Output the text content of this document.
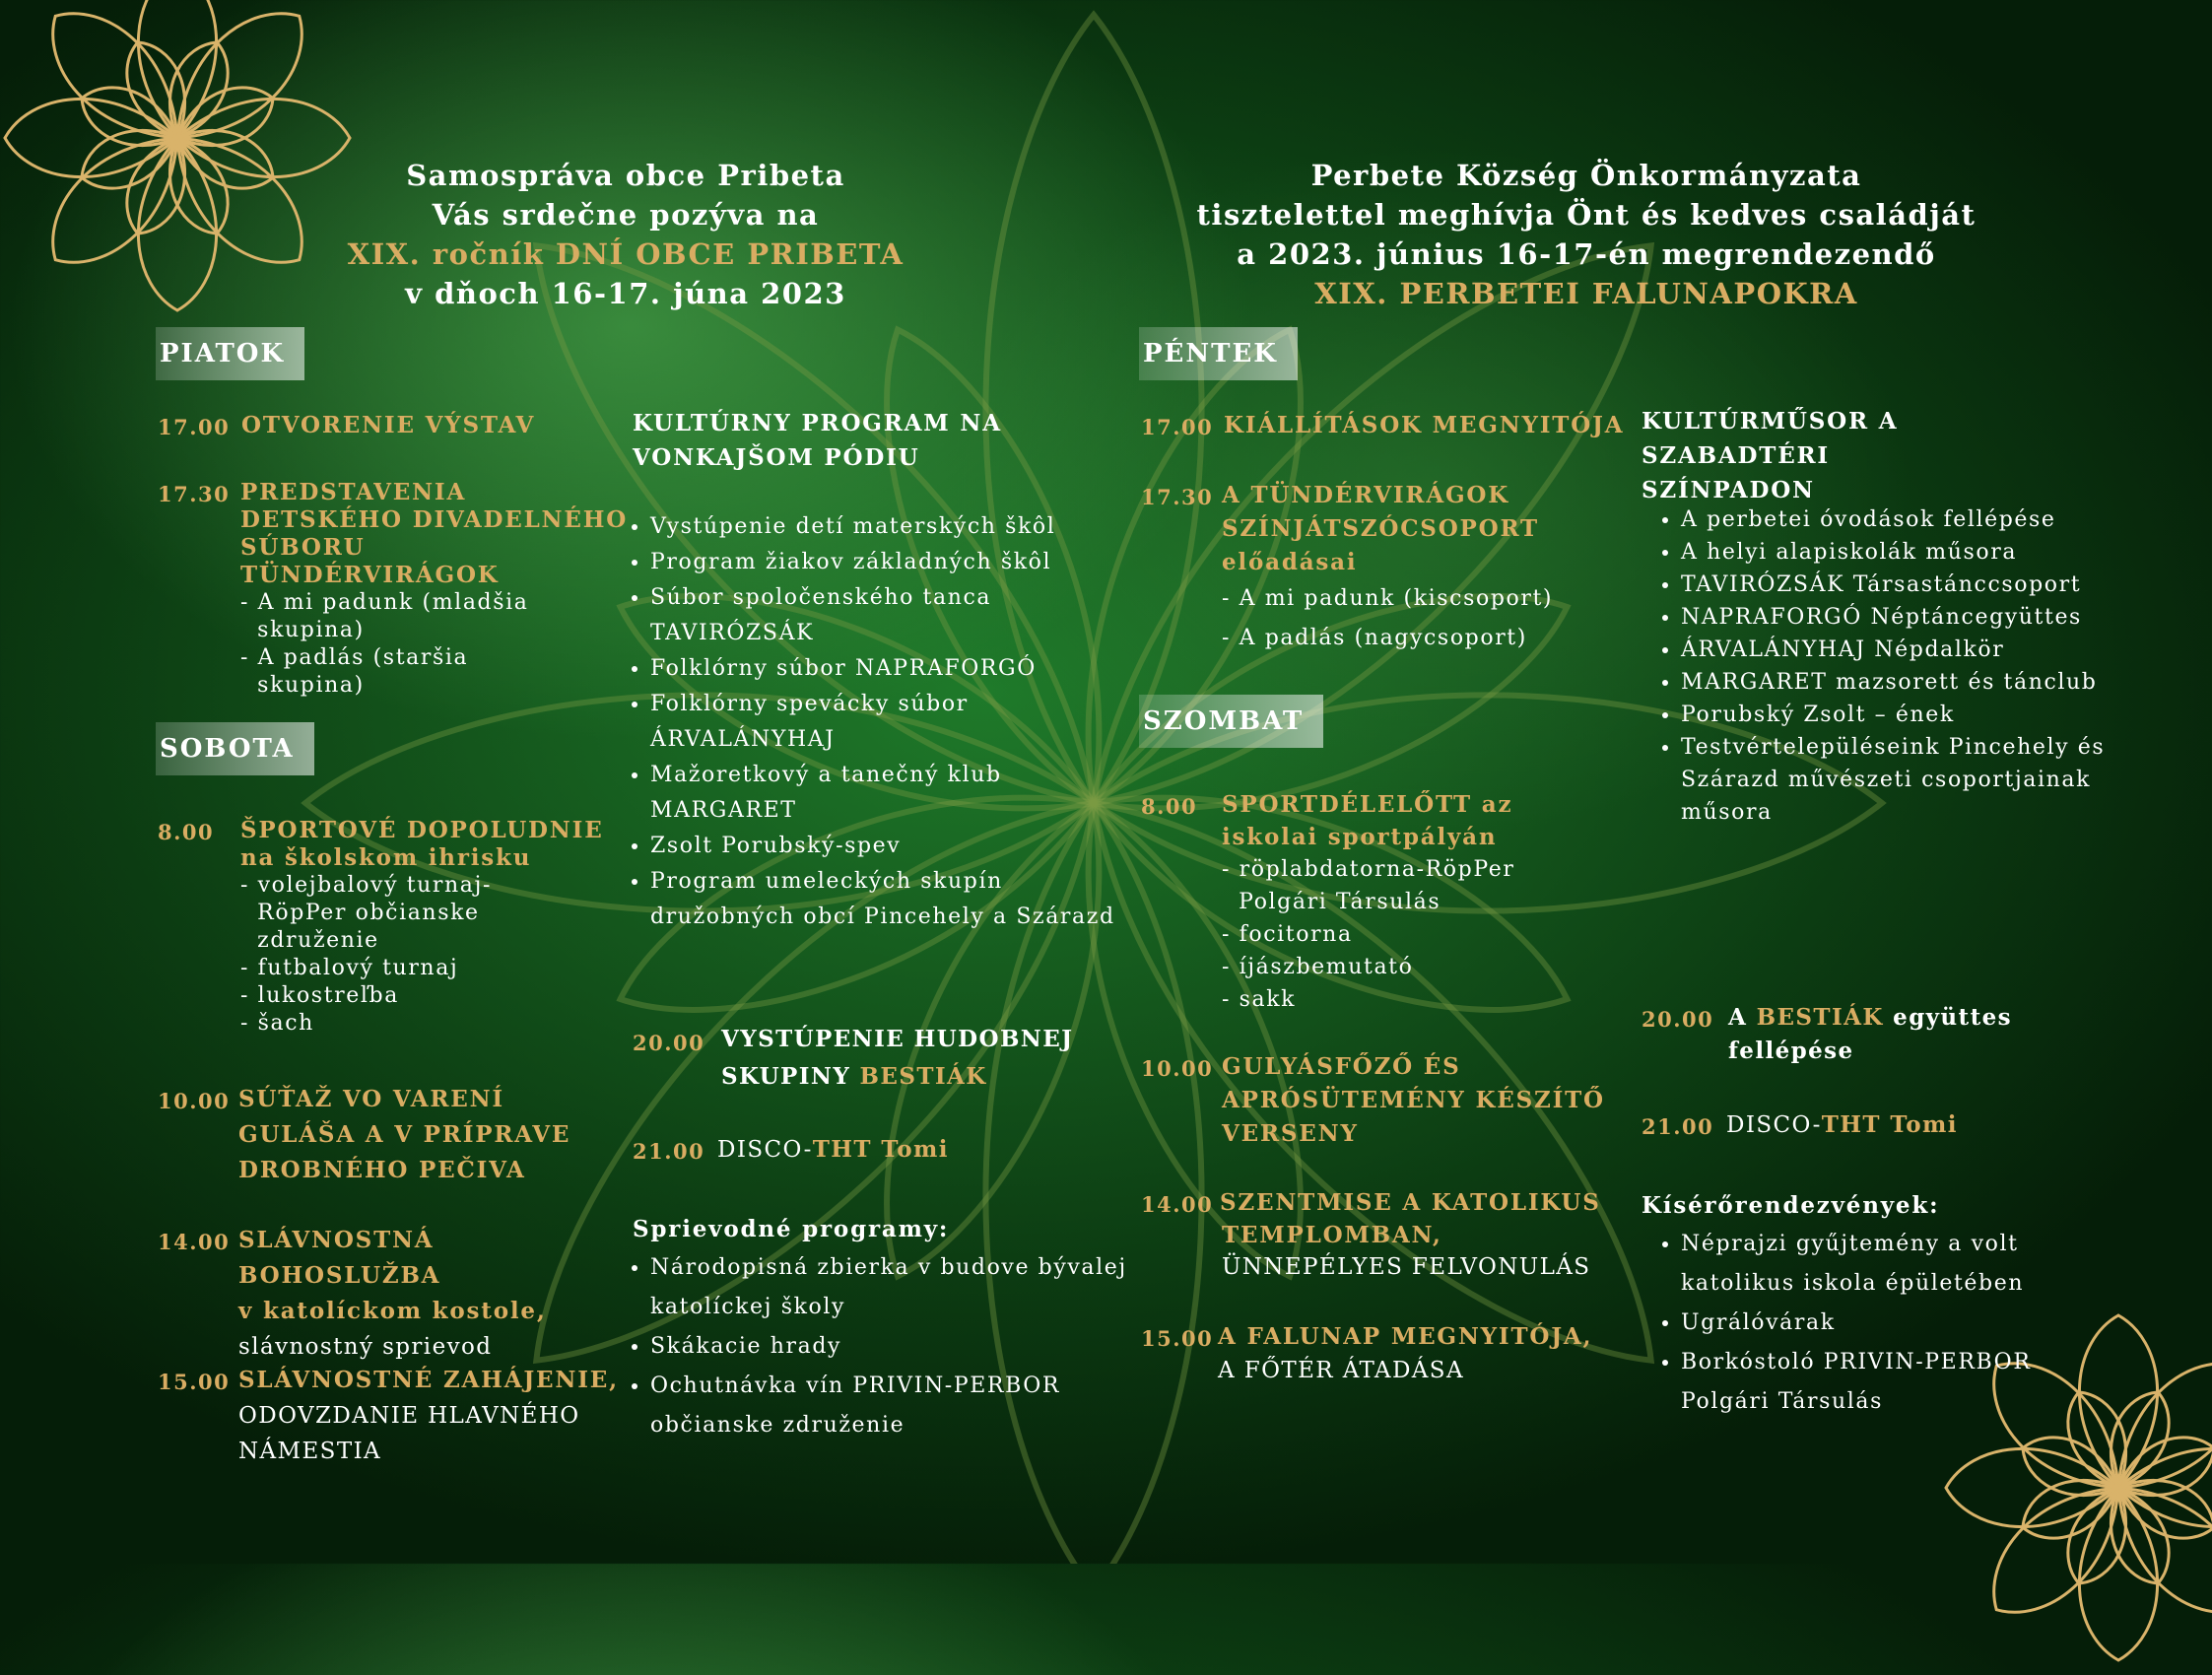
Samospráva obce Pribeta
Vás srdečne pozýva na
XIX. ročník DNÍ OBCE PRIBETA
v dňoch 16-17. júna 2023
PIATOK
17.00 OTVORENIE VÝSTAV
17.30 PREDSTAVENIA
DETSKÉHO DIVADELNÉHO
SÚBORU TÜNDÉRVIRÁGOK
- A mi padunk (mladšia
skupina)
- A padlás (staršia
skupina)
SOBOTA
8.00 ŠPORTOVÉ DOPOLUDNIE
na školskom ihrisku
- volejbalový turnaj-
RöpPer občianske
združenie
- futbalový turnaj
- lukostreľba
- šach
10.00 SÚŤAŽ VO VARENÍ
GULÁŠA A V PRÍPRAVE
DROBNÉHO PEČIVA
14.00 SLÁVNOSTNÁ BOHOSLUŽBA
v katolíckom kostole,
slávnostný sprievod
15.00 SLÁVNOSTNÉ ZAHÁJENIE,
ODOVZDANIE HLAVNÉHO
NÁMESTIA
KULTÚRNY PROGRAM NA
VONKAJŠOM PÓDIU
• Vystúpenie detí materských škôl
• Program žiakov základných škôl
• Súbor spoločenského tanca TAVIRÓZSÁK
• Folklórny súbor NAPRAFORGÓ
• Folklórny spevácky súbor ÁRVALÁNYHAJ
• Mažoretkový a tanečný klub MARGARET
• Zsolt Porubský-spev
• Program umeleckých skupín družobných obcí Pincehely a Szárazd
20.00 VYSTÚPENIE HUDOBNEJ
SKUPINY BESTIÁK
21.00 DISCO-THT Tomi
Sprievodné programy:
• Národopisná zbierka v budove bývalej katolíckej školy
• Skákacie hrady
• Ochutnávka vín PRIVIN-PERBOR občianske združenie
Perbete Község Önkormányzata
tisztelettel meghívja Önt és kedves családját
a 2023. június 16-17-én megrendezendő
XIX. PERBETEI FALUNAPOKRA
PÉNTEK
17.00 KIÁLLÍTÁSOK MEGNYITÓJA
17.30 A TÜNDÉRVIRÁGOK
SZÍNJÁTSZÓCSOPORT
előadásai
- A mi padunk (kiscsoport)
- A padlás (nagycsoport)
SZOMBAT
8.00 SPORTDÉLELŐTT az
iskolai sportpályán
- röplabdatorna-RöpPer
Polgári Társulás
- focitorna
- íjászbemutató
- sakk
10.00 GULYÁSFŐZŐ ÉS
APRÓSÜTEMÉNY KÉSZÍTŐ
VERSENY
14.00 SZENTMISE A KATOLIKUS
TEMPLOMBAN,
ÜNNEPÉLYES FELVONULÁS
15.00 A FALUNAP MEGNYITÓJA,
A FŐTÉR ÁTADÁSA
KULTÚRMŰSOR A SZABADTÉRI
SZÍNPADON
• A perbetei óvodások fellépése
• A helyi alapiskolák műsora
• TAVIRÓZSÁK Társastánccsoport
• NAPRAFORGÓ Néptáncegyüttes
• ÁRVALÁNYHAJ Népdalkör
• MARGARET mazsorett és tánclub
• Porubský Zsolt – ének
• Testvértelepüléseink Pincehely és Szárazd művészeti csoportjainak műsora
20.00 A BESTIÁK együttes
fellépése
21.00 DISCO-THT Tomi
Kísérőrendezvények:
• Néprajzi gyűjtemény a volt katolikus iskola épületében
• Ugrálóvárak
• Borkóstoló PRIVIN-PERBOR Polgári Társulás
